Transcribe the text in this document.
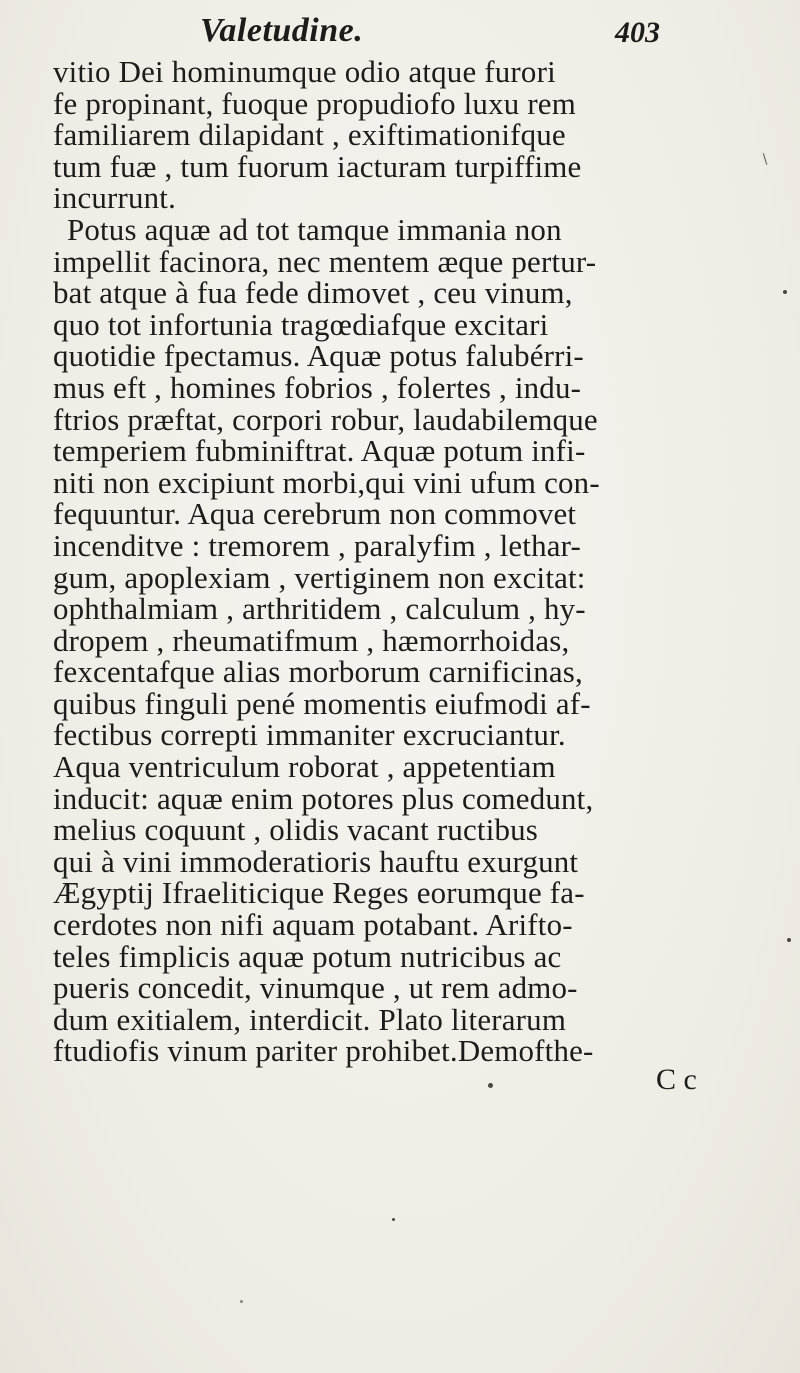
Valetudine.	403
vitio Dei hominumque odio atque furori
fe propinant, fuoque propudiofo luxu rem
familiarem dilapidant , exiftimationifque
tum fuæ , tum fuorum iacturam turpiffime
incurrunt.
Potus aquæ ad tot tamque immania non
impellit facinora, nec mentem æque pertur-
bat atque à fua fede dimovet , ceu vinum,
quo tot infortunia tragœdiafque excitari
quotidie fpectamus. Aquæ potus falubérri-
mus eft , homines fobrios , folertes , indu-
ftrios præftat, corpori robur, laudabilemque
temperiem fubminiftrat. Aquæ potum infi-
niti non excipiunt morbi,qui vini ufum con-
fequuntur. Aqua cerebrum non commovet
incenditve : tremorem , paralyfim , lethar-
gum, apoplexiam , vertiginem non excitat:
ophthalmiam , arthritidem , calculum , hy-
dropem , rheumatifmum , hæmorrhoidas,
fexcentafque alias morborum carnificinas,
quibus finguli pené momentis eiufmodi af-
fectibus correpti immaniter excruciantur.
Aqua ventriculum roborat , appetentiam
inducit: aquæ enim potores plus comedunt,
melius coquunt , olidis vacant ructibus
qui à vini immoderatioris hauftu exurgunt
Ægyptij Ifraeliticique Reges eorumque fa-
cerdotes non nifi aquam potabant. Arifto-
teles fimplicis aquæ potum nutricibus ac
pueris concedit, vinumque , ut rem admo-
dum exitialem, interdicit. Plato literarum
ftudiofis vinum pariter prohibet.Demofthe-
C c
∖
